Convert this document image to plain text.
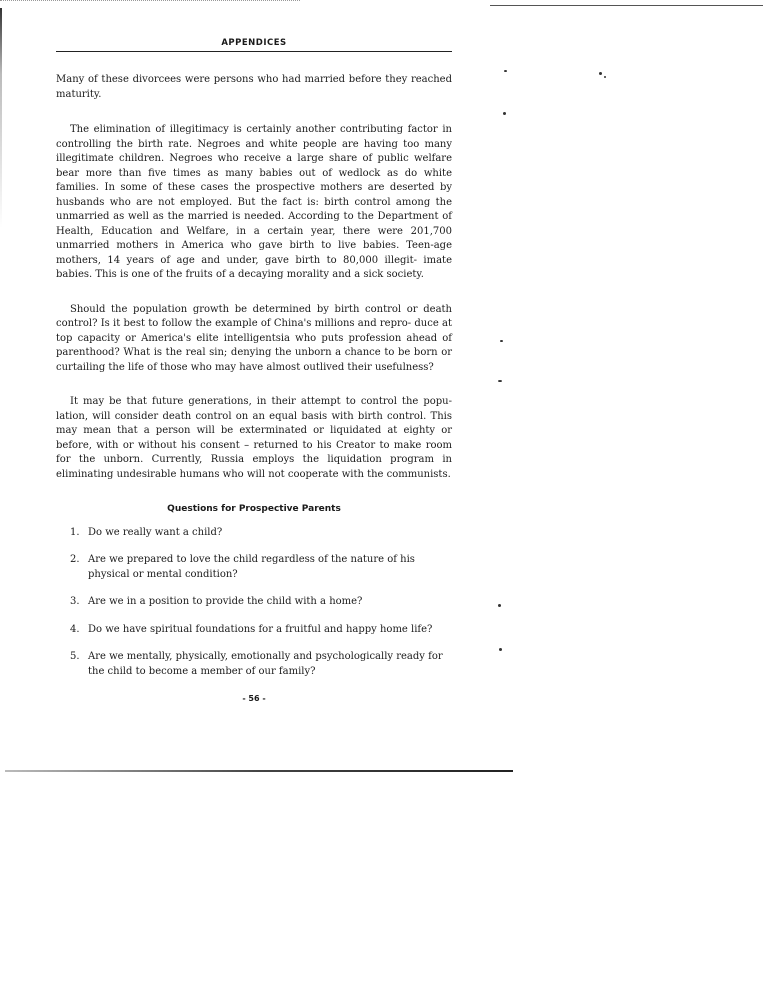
APPENDICES

Many of these divorcees were persons who had married before they reached maturity.

The elimination of illegitimacy is certainly another contributing factor in controlling the birth rate. Negroes and white people are having too many illegitimate children. Negroes who receive a large share of public welfare bear more than five times as many babies out of wedlock as do white families. In some of these cases the prospective mothers are deserted by husbands who are not employed. But the fact is: birth control among the unmarried as well as the married is needed. According to the Department of Health, Education and Welfare, in a certain year, there were 201,700 unmarried mothers in America who gave birth to live babies. Teen-age mothers, 14 years of age and under, gave birth to 80,000 illegit- imate babies. This is one of the fruits of a decaying morality and a sick society.

Should the population growth be determined by birth control or death control? Is it best to follow the example of China's millions and repro- duce at top capacity or America's elite intelligentsia who puts profession ahead of parenthood? What is the real sin; denying the unborn a chance to be born or curtailing the life of those who may have almost outlived their usefulness?

It may be that future generations, in their attempt to control the popu- lation, will consider death control on an equal basis with birth control. This may mean that a person will be exterminated or liquidated at eighty or before, with or without his consent – returned to his Creator to make room for the unborn. Currently, Russia employs the liquidation program in eliminating undesirable humans who will not cooperate with the communists.

Questions for Prospective Parents
1. Do we really want a child?
2. Are we prepared to love the child regardless of the nature of his physical or mental condition?
3. Are we in a position to provide the child with a home?
4. Do we have spiritual foundations for a fruitful and happy home life?
5. Are we mentally, physically, emotionally and psychologically ready for the child to become a member of our family?
- 56 -
